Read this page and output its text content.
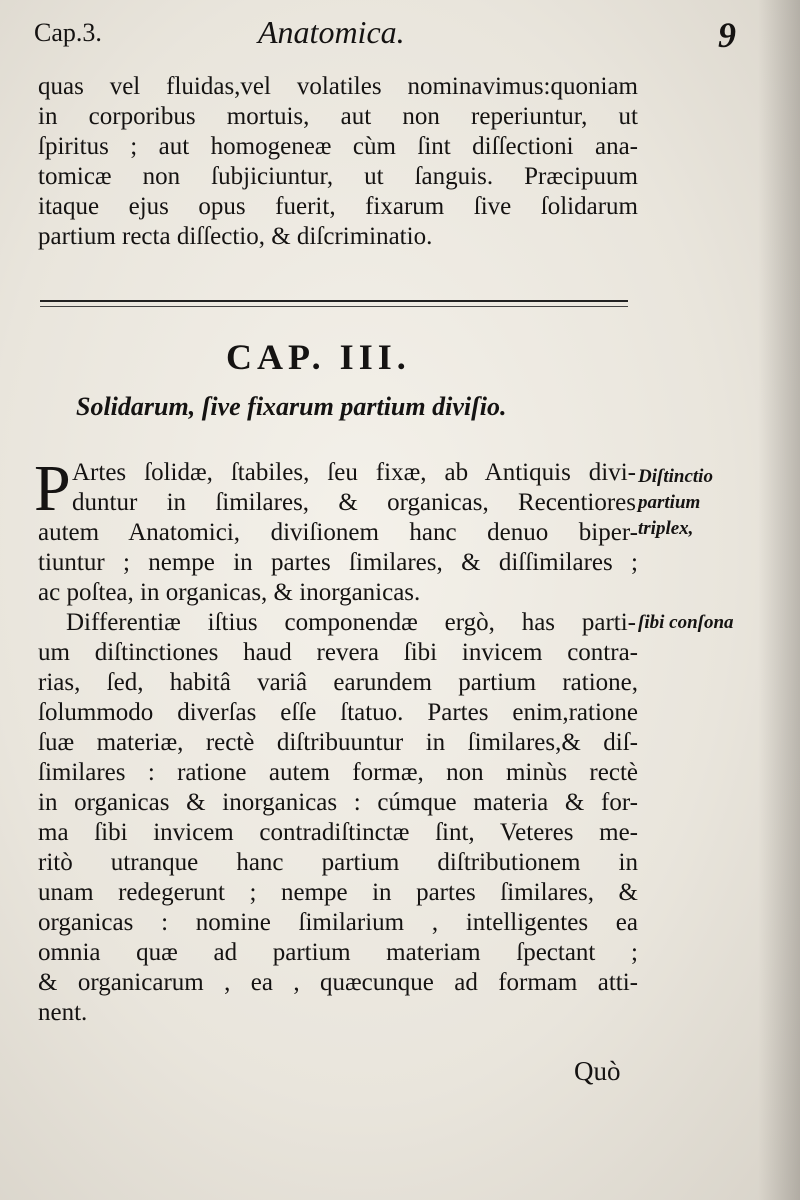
Cap.3.	Anatomica.	9
quas vel fluidas,vel volatiles nominavimus:quoniam
in corporibus mortuis, aut non reperiuntur, ut
ſpiritus ; aut homogeneæ cùm ſint diſſectioni ana-
tomicæ non ſubjiciuntur, ut ſanguis. Præcipuum
itaque ejus opus fuerit, fixarum ſive ſolidarum
partium recta diſſectio, & diſcriminatio.
CAP. III.
Solidarum, ſive fixarum partium diviſio.
P Artes ſolidæ, ſtabiles, ſeu fixæ, ab Antiquis divi-
duntur in ſimilares, & organicas, Recentiores
autem Anatomici, diviſionem hanc denuo biper-
tiuntur ; nempe in partes ſimilares, & diſſimilares ;
ac poſtea, in organicas, & inorganicas.
Differentiæ iſtius componendæ ergò, has parti-
um diſtinctiones haud revera ſibi invicem contra-
rias, ſed, habitâ variâ earundem partium ratione,
ſolummodo diverſas eſſe ſtatuo. Partes enim,ratione
ſuæ materiæ, rectè diſtribuuntur in ſimilares,& diſ-
ſimilares : ratione autem formæ, non minùs rectè
in organicas & inorganicas : cúmque materia & for-
ma ſibi invicem contradiſtinctæ ſint, Veteres me-
ritò utranque hanc partium diſtributionem in
unam redegerunt ; nempe in partes ſimilares, &
organicas : nomine ſimilarium , intelligentes ea
omnia quæ ad partium materiam ſpectant ;
& organicarum , ea , quæcunque ad formam atti-
nent.
Diſtinctio
partium
triplex,
ſibi conſona
Quò
